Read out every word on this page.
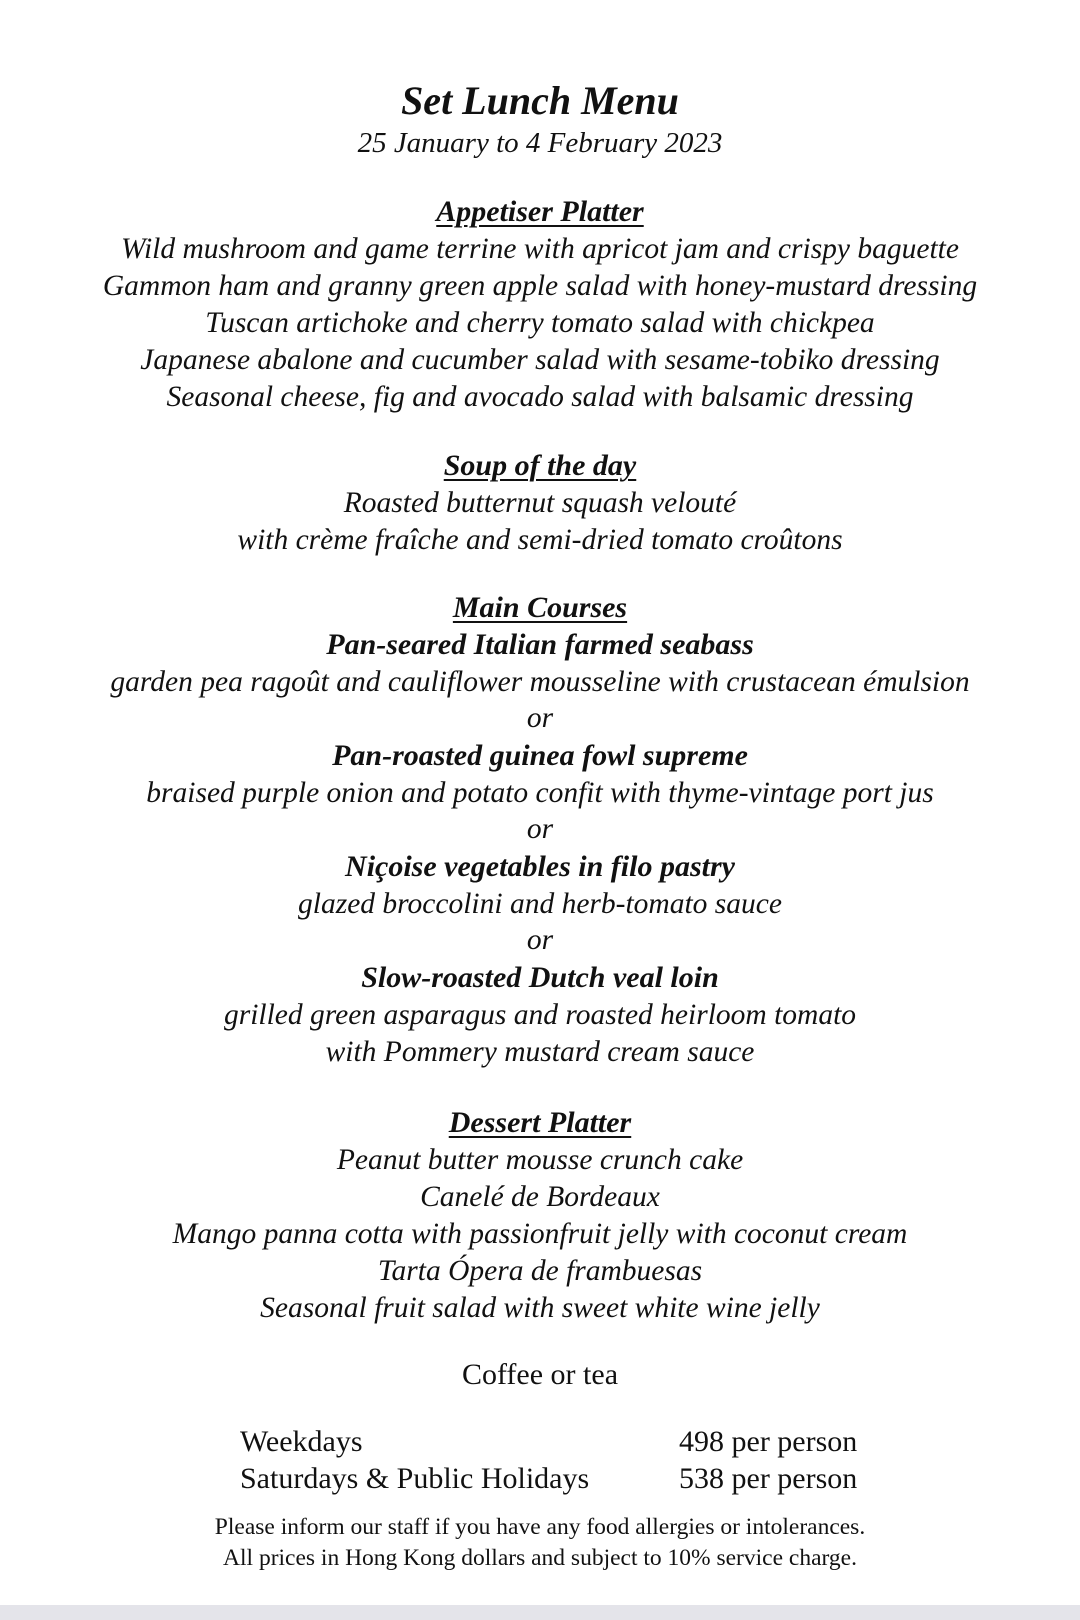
Set Lunch Menu
25 January to 4 February 2023
Appetiser Platter
Wild mushroom and game terrine with apricot jam and crispy baguette
Gammon ham and granny green apple salad with honey-mustard dressing
Tuscan artichoke and cherry tomato salad with chickpea
Japanese abalone and cucumber salad with sesame-tobiko dressing
Seasonal cheese, fig and avocado salad with balsamic dressing
Soup of the day
Roasted butternut squash velouté
with crème fraîche and semi-dried tomato croûtons
Main Courses
Pan-seared Italian farmed seabass
garden pea ragoût and cauliflower mousseline with crustacean émulsion
or
Pan-roasted guinea fowl supreme
braised purple onion and potato confit with thyme-vintage port jus
or
Niçoise vegetables in filo pastry
glazed broccolini and herb-tomato sauce
or
Slow-roasted Dutch veal loin
grilled green asparagus and roasted heirloom tomato
with Pommery mustard cream sauce
Dessert Platter
Peanut butter mousse crunch cake
Canelé de Bordeaux
Mango panna cotta with passionfruit jelly with coconut cream
Tarta Ópera de frambuesas
Seasonal fruit salad with sweet white wine jelly
Coffee or tea
Weekdays	498 per person
Saturdays & Public Holidays	538 per person
Please inform our staff if you have any food allergies or intolerances.
All prices in Hong Kong dollars and subject to 10% service charge.
